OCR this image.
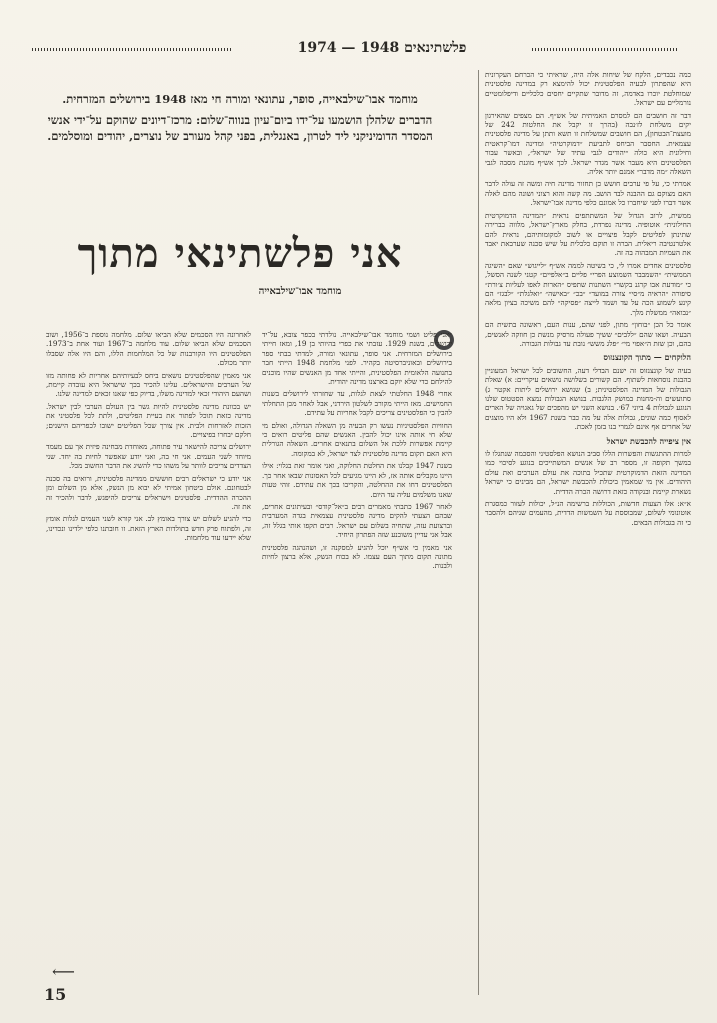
פלשתינאים 1948 — 1974

כמה נכבדים, הלקח של שיחות אלה היה, שראיתי כי הכרחם העקרונית היא שהפתרון לבעיה הפלסטינית יכול להימצא רק במדינה פלסטינית שמוחלטת יוכרו באדמה, זה מדובר שתקיים יחסים כלכליים ודיפלומטיים נורמליים עם ישראל.

דבר זה חושבים הם למסרם האמיתית של אש״ף. הם מצפים שהאירגון יקים משלחת לז׳נבה (בהרך זו יקבל את החלטות 242 של מועצת־הבטחון), הם חושבים שמשלחת זו תשא ותתן על מדינה פלסטינית עצמאית. החסבר הביחס לתביעת ״דמוקרטיה״ ומדינה דמו־קראטית וחילונית היא כולה ״יהודים לגבי עתיד של ישראל״, ובאשר עבור הפלסטינים היא מעבר אשר מגדר ישראל. לכך אש״ף מוגנת מסבה לגבי השאלה ״מה מדבר״ אמנם יותר אליה.

אמרתי כי, על פי ערבים חושש כן תחזור מדינה חיה ומשה זה עולה לדבר האם מצוקם גם ההבנה לבד הושב. מה קשה והוא רצוני ושונה מהם לאלה אשר דברו לפני שיחברו כל אמונם כלפי מדינה אבו־ישראל.

ממשית, לרוב הגדול של המשתתפים נראית ״המדינה הדמוקרטית החילונית״ אוטופיה. מדינה נפרדת, בחלק מארץ־ישראל, מלווה בברירה שתינתן לפליטים לקבל פיצויים או לשוב למקומותיהם, נראית להם אלטרנטיבה ריאלית. הברה זו תוקם כלכלית על שיש סכנה שערבאת יאבד את העמיות המבהוה בה זה.

פלסטינים אחדים אמרו לי, כי בשיטה לממה אש״ף ״לייגוש״ שאם ״השיגה הממשית״ ״השמבבר השמוצע הפרי״ פליים ב״אלפיים״ קטני לשנה הסשל, כי ״מודעת אבו קרגנ בקשר״ השתנות שתפיס ״הארות לאפו לעליות צ׳ורת״ סיפורה ״הראיה מ״סי״ צורה במועד״ ״בכ״ ״באישה״ ״ואלגלת״ ״לבגז״ הם קינע לשמוע הכה על עד ושמד לייצה ״פסיקה״ להם משיכה בציון מלאה ״נבואה״ ממשלת מלך.

אומר כל הכן ״בוחון״ מתון, לפני שהם, ענות העם, ראשונה בתשית הם הבעיה. ושאו שהם ״ללבים״ ששיך פעולה מרסיק מנשת כן חוזקה לאנשים, בהם, וכן שזת ה״אפוי מי״ ״פלג משש״ נובת עד גבולות הגבורה.

הלוקחים — מתוך הקונצנזוס

בעיה של קונצנזוס זה ישנם הבדלי דעה, החשובים לכל ישראל המעוניין בהבנת נוסחאות לשתוף. הם קשורים בשלושה נושאים עיקריים: א) שאלת הגבולות של המדינה הפלסטינית; ב) שנושא ירושלים ליתות אקטר ג) סתועשים וה-מחנות במושק הלגבות. בנושא הגבולות נמצא הסטטוס שלנו הנוגע לגבולות 4 ביוני 67׳. בנושא השני יש מהפכים של גאגויה של הארים לאסוף כמה שונים, גבולות אלה על מה כבר בשנת 1967 ולא היו מוצגים של אחרים אף אינם לגמרי בנו בזמן לאכת.

אין ציפייה להכבשת ישראל

למרות ההתגשות והפשרות הללו סביב הנושא הפלסטיני והסכמה שנתגלו לו במשך תקופה זו, מספר רב של אנשים המשתייכים בנוגע לסיכוי כמו המדינה הזאת הדמוקרטית שתכיל בתוכה את עולם הערבים ואת עולם היהודים. אין מי שמאמין ביכולת להכבשת ישראל, הם מבינים כי ישראל נשארת קיימת ובנקודה כזאת דרושה הכרה הדדית.

א״א: אלו הצעות חדשות, הכוללות ברשימה הנ״ל, יכולות לעזור כמסגרת אוטונומי לשלום, שמבוססת על השמשות הדדית, מהעמים שניהם ולהסבר כי זה בגבולות הבאים.

מוחמד אבו־שילבאייה, סופר, עתונאי ומורה חי מאז 1948 בירושלים המזרחית.
הדברים שלהלן הושמעו על־ידו ביום־עיון בנווה־שלום: מרכז־דיונים שהוקם על־ידי אנשי המסדר הדומיניקני ליד לטרון, באנגלית, בפני קהל מעורב של נוצרים, יהודים ומוסלמים.
אני פלשתינאי מתוך
מוחמד אבו־שילבאייה

״אני פליט ושמי מוחמד אבו־שילבאייה. נולדתי בכפר צובא, על־יד ירושלים, בשנת 1929. עזבתי את כפרי בהיותי בן 19, ומאז חייתי בירושלים המזרחית. אני סופר, עתונאי ומורה, למדתי בבתי ספר בירושלים ובאוניברסיטה בקהיר. לפני מלחמת 1948 הייתי חבר בתנועה הלאומית הפלסטינית, והייתי אחד מן האנשים שהיו מוכנים להילחם כדי שלא יוקם בארצנו מדינה יהודית.

אחרי 1948 החלטתי לצאת לגלות, עד שחזרתי לירושלים בשנות החמישים. מאז הייתי מקורב לשלטון הירדני, אבל לאחר מכן התחלתי להבין כי הפלסטינים צריכים לקבל אחריות על עתידם.

החוויות הפלסטיניות נעשו רק הבעיה מן השאלה הגדולה, ואולם מי שלא חי אותה אינו יכול להבין. האנשים שהם פליטים רואים כי קיימת אפשרות ללכת אל השלום בתנאים אחרים. השאלה הגורלית היא האם תקום מדינה פלסטינית לצד ישראל, לא במקומה.

בשנת 1947 קבלנו את החלטת החלוקה, ואני אומר זאת בגלוי: אילו היינו מקבלים אותה אז, לא היינו מגיעים לכל האסונות שבאו אחר כך. הפלסטינים דחו את ההחלטה, והקריבו בכך את עתידם. זוהי טעות שאנו משלמים עליה עד היום.

לאחר 1967 כתבתי מאמרים רבים ב״אל־קודס״ ובעיתונים אחרים, שבהם הצעתי להקים מדינה פלסטינית עצמאית בגדה המערבית וברצועת עזה, שתחיה בשלום עם ישראל. רבים תקפו אותי בגלל זה, אבל אני עדיין משוכנע שזה הפתרון היחיד.

אני מאמין כי אש״ף יוכל להגיע למסקנה זו, ושהנהגה פלסטינית מתונה תקום מתוך העם עצמו. לא בכוח הנשק, אלא ברצון לחיות ולבנות.

לאחרונה היו הסכמים שלא הביאו שלום. מלחמה נוספת ב־1956, ושוב הסכמים שלא הביאו שלום. עוד מלחמה ב־1967 ועוד אחת ב־1973. הפלסטינים היו הקורבנות של כל המלחמות הללו, והם היו אלה שסבלו יותר מכולם.

אני מאמין שהפלסטינים נושאים ביחס לבעיותיהם אחריות לא פחותה מזו של הערבים והישראלים. עלינו להכיר בכך שישראל היא עובדה קיימת, ושהעם היהודי זכאי למדינה משלו, בדיוק כפי שאנו זכאים למדינה שלנו.

יש בכוונת מדינה פלסטינית להיות גשר בין העולם הערבי לבין ישראל. מדינה כזאת תוכל לפתור את בעיית הפליטים, ולתת לכל פלסטיני את הזכות לאזרחות ולבית. אין צורך שכל הפליטים ישובו לכפריהם הישנים; חלקם יבחרו בפיצויים.

ירושלים צריכה להישאר עיר פתוחה, מאוחדת מבחינה פיזית אך עם מעמד מיוחד לשני העמים. אני חי בה, ואני יודע שאפשר לחיות בה יחד. שני הצדדים צריכים לוותר על משהו כדי להשיג את הדבר החשוב מכל.

אני יודע כי ישראלים רבים חוששים ממדינה פלסטינית, ורואים בה סכנה לבטחונם. אולם ביטחון אמיתי לא יבוא מן הנשק, אלא מן השלום ומן ההכרה ההדדית. פלסטינים וישראלים צריכים להיפגש, לדבר ולהכיר זה את זה.

כדי להגיע לשלום יש צורך באומץ לב. אני קורא לשני העמים לגלות אומץ זה, ולפתוח פרק חדש בתולדות הארץ הזאת. זו חובתנו כלפי ילדינו ונכדינו, שלא יידעו עוד מלחמות.

⟵
15
